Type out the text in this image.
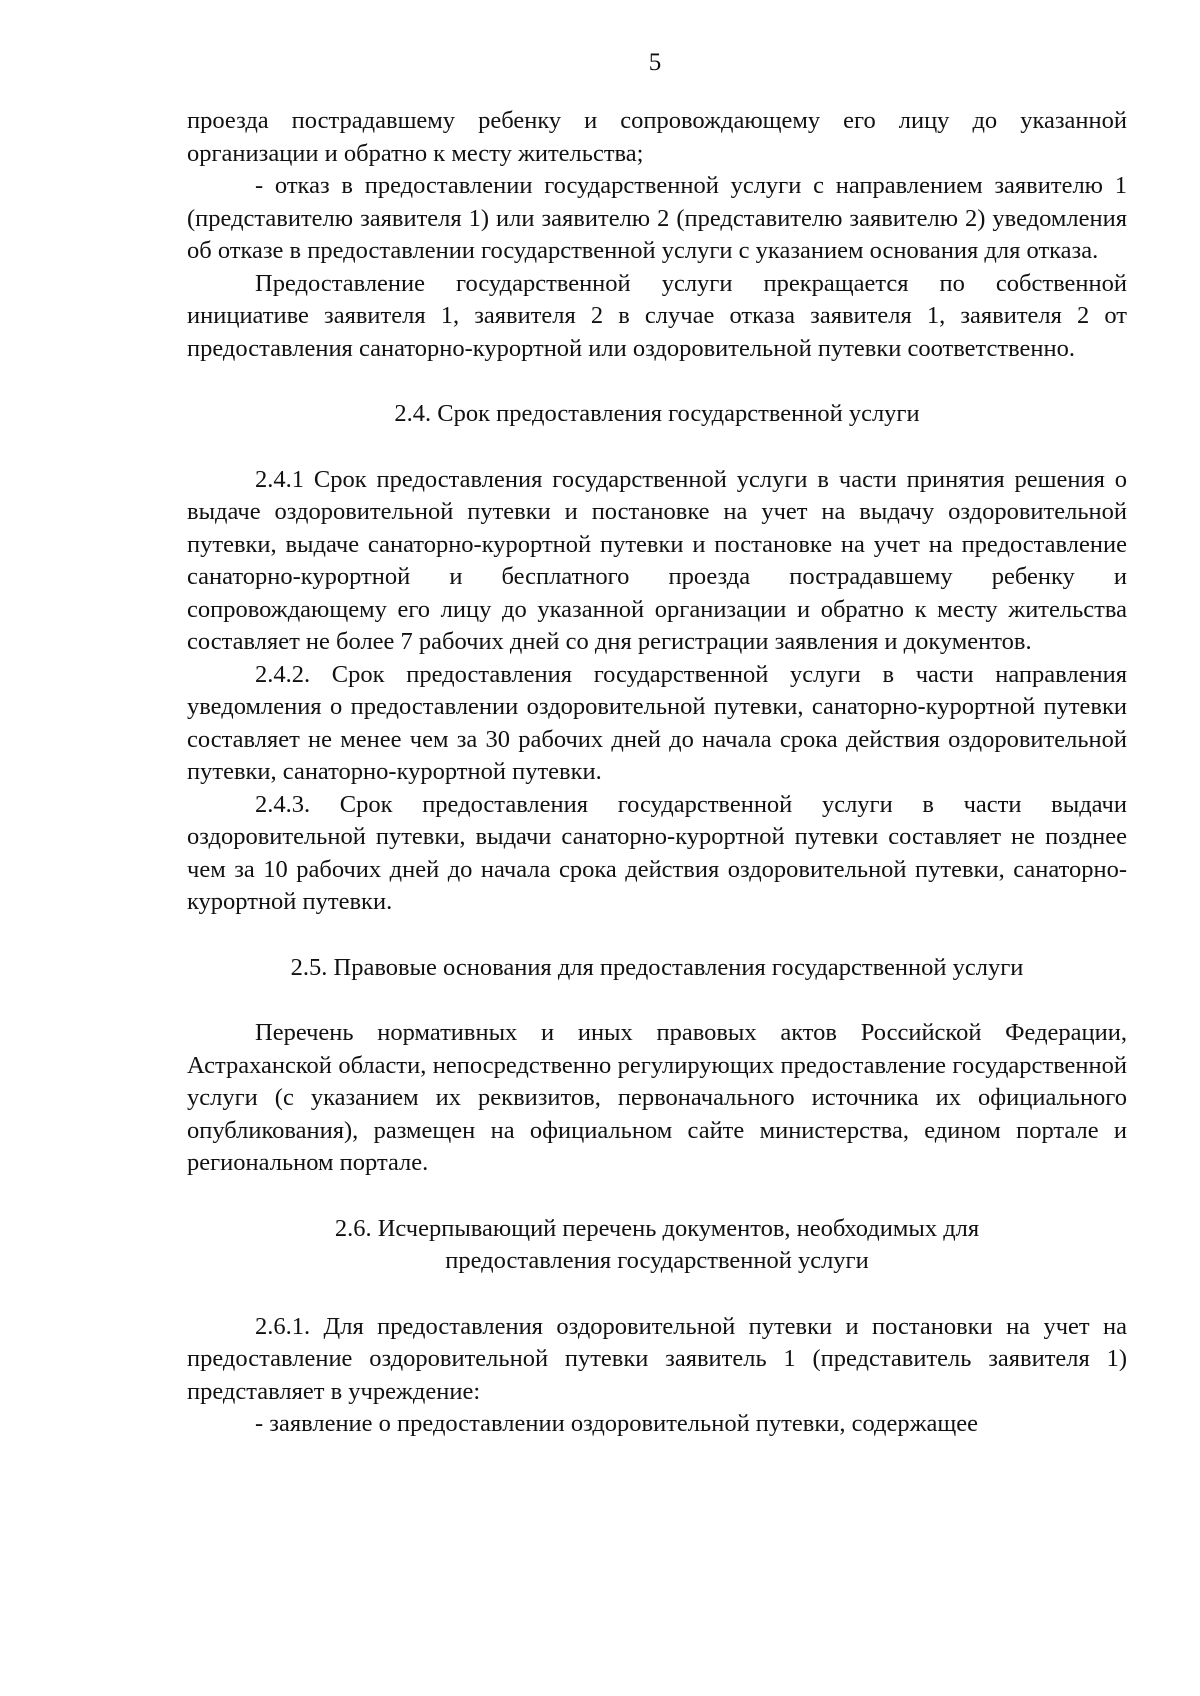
5

проезда пострадавшему ребенку и сопровождающему его лицу до указанной организации и обратно к месту жительства;

- отказ в предоставлении государственной услуги с направлением заявителю 1 (представителю заявителя 1) или заявителю 2 (представителю заявителю 2) уведомления об отказе в предоставлении государственной услуги с указанием основания для отказа.

Предоставление государственной услуги прекращается по собственной инициативе заявителя 1, заявителя 2 в случае отказа заявителя 1, заявителя 2 от предоставления санаторно-курортной или оздоровительной путевки соответственно.

2.4. Срок предоставления государственной услуги

2.4.1 Срок предоставления государственной услуги в части принятия решения о выдаче оздоровительной путевки и постановке на учет на выдачу оздоровительной путевки, выдаче санаторно-курортной путевки и постановке на учет на предоставление санаторно-курортной и бесплатного проезда пострадавшему ребенку и сопровождающему его лицу до указанной организации и обратно к месту жительства составляет не более 7 рабочих дней со дня регистрации заявления и документов.

2.4.2. Срок предоставления государственной услуги в части направления уведомления о предоставлении оздоровительной путевки, санаторно-курортной путевки составляет не менее чем за 30 рабочих дней до начала срока действия оздоровительной путевки, санаторно-курортной путевки.

2.4.3. Срок предоставления государственной услуги в части выдачи оздоровительной путевки, выдачи санаторно-курортной путевки составляет не позднее чем за 10 рабочих дней до начала срока действия оздоровительной путевки, санаторно-курортной путевки.

2.5. Правовые основания для предоставления государственной услуги

Перечень нормативных и иных правовых актов Российской Федерации, Астраханской области, непосредственно регулирующих предоставление государственной услуги (с указанием их реквизитов, первоначального источника их официального опубликования), размещен на официальном сайте министерства, едином портале и региональном портале.

2.6. Исчерпывающий перечень документов, необходимых для

предоставления государственной услуги

2.6.1. Для предоставления оздоровительной путевки и постановки на учет на предоставление оздоровительной путевки заявитель 1 (представитель заявителя 1) представляет в учреждение:

- заявление о предоставлении оздоровительной путевки, содержащее
